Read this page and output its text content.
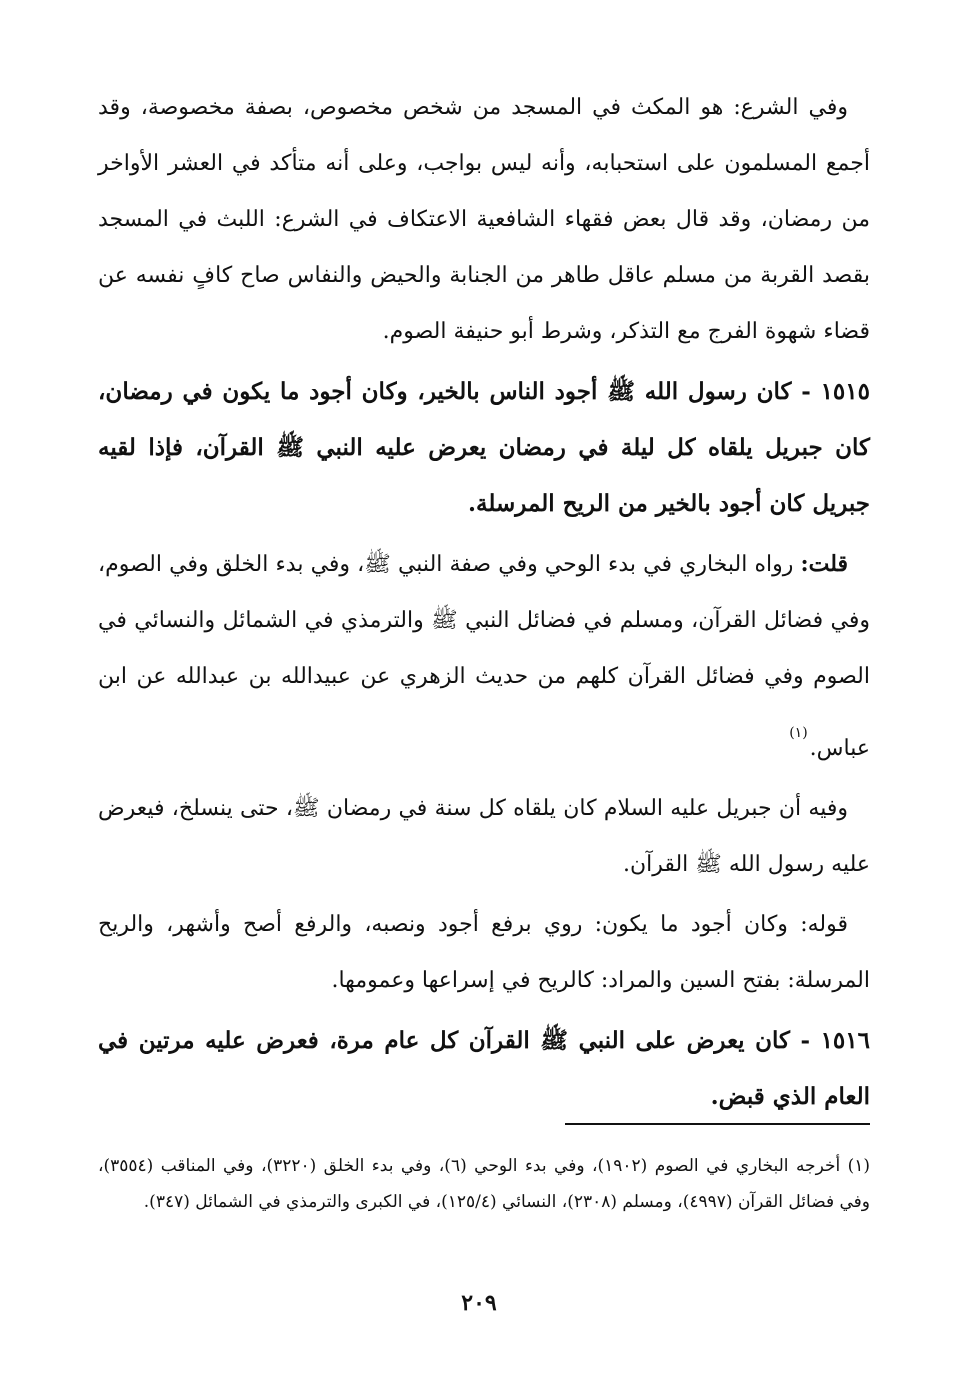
وفي الشرع: هو المكث في المسجد من شخص مخصوص، بصفة مخصوصة، وقد أجمع المسلمون على استحبابه، وأنه ليس بواجب، وعلى أنه متأكد في العشر الأواخر من رمضان، وقد قال بعض فقهاء الشافعية الاعتكاف في الشرع: اللبث في المسجد بقصد القربة من مسلم عاقل طاهر من الجنابة والحيض والنفاس صاح كافٍ نفسه عن قضاء شهوة الفرج مع التذكر، وشرط أبو حنيفة الصوم.

١٥١٥ - كان رسول الله ﷺ أجود الناس بالخير، وكان أجود ما يكون في رمضان، كان جبريل يلقاه كل ليلة في رمضان يعرض عليه النبي ﷺ القرآن، فإذا لقيه جبريل كان أجود بالخير من الريح المرسلة.

قلت: رواه البخاري في بدء الوحي وفي صفة النبي ﷺ، وفي بدء الخلق وفي الصوم، وفي فضائل القرآن، ومسلم في فضائل النبي ﷺ والترمذي في الشمائل والنسائي في الصوم وفي فضائل القرآن كلهم من حديث الزهري عن عبيدالله بن عبدالله عن ابن عباس.$^{(١)}$

وفيه أن جبريل عليه السلام كان يلقاه كل سنة في رمضان ﷺ، حتى ينسلخ، فيعرض عليه رسول الله ﷺ القرآن.

قوله: وكان أجود ما يكون: روي برفع أجود ونصبه، والرفع أصح وأشهر، والريح المرسلة: بفتح السين والمراد: كالريح في إسراعها وعمومها.

١٥١٦ - كان يعرض على النبي ﷺ القرآن كل عام مرة، فعرض عليه مرتين في العام الذي قبض.

(١) أخرجه البخاري في الصوم (١٩٠٢)، وفي بدء الوحي (٦)، وفي بدء الخلق (٣٢٢٠)، وفي المناقب (٣٥٥٤)، وفي فضائل القرآن (٤٩٩٧)، ومسلم (٢٣٠٨)، النسائي (١٢٥/٤)، في الكبرى والترمذي في الشمائل (٣٤٧).

٢٠٩
